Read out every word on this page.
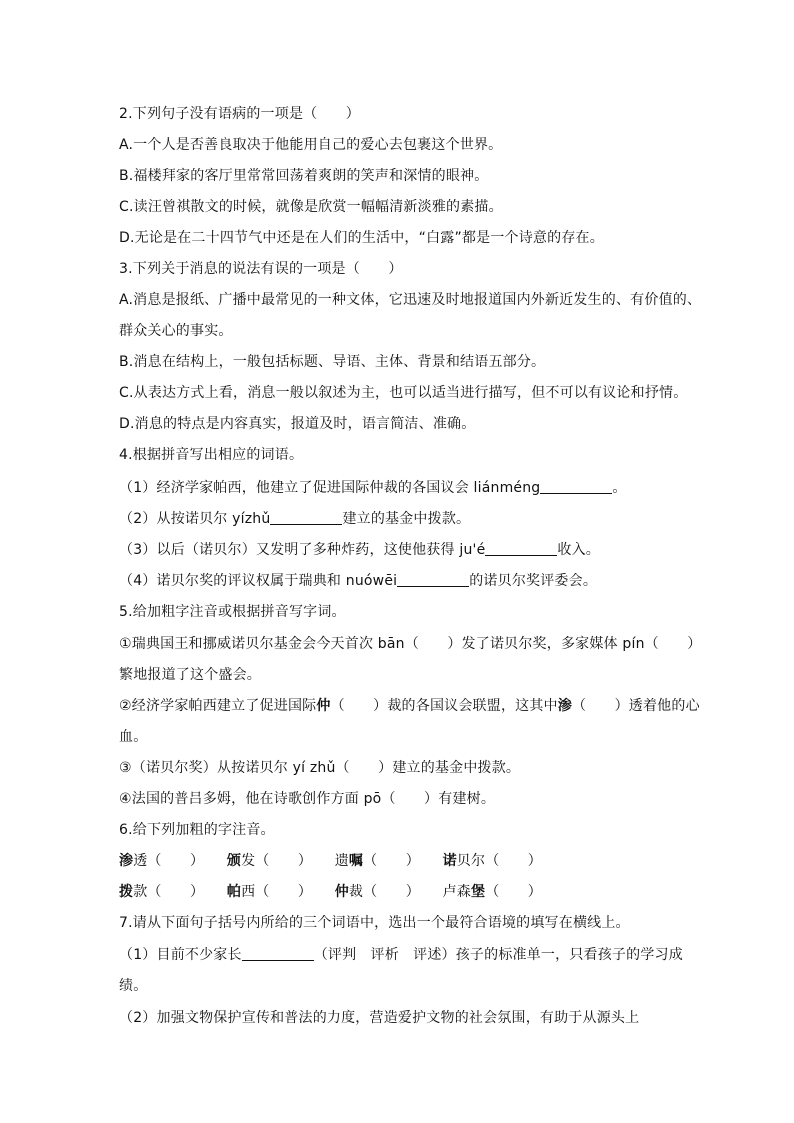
2.下列句子没有语病的一项是（　　）
A.一个人是否善良取决于他能用自己的爱心去包裹这个世界。
B.福楼拜家的客厅里常常回荡着爽朗的笑声和深情的眼神。
C.读汪曾祺散文的时候，就像是欣赏一幅幅清新淡雅的素描。
D.无论是在二十四节气中还是在人们的生活中，“白露”都是一个诗意的存在。
3.下列关于消息的说法有误的一项是（　　）
A.消息是报纸、广播中最常见的一种文体，它迅速及时地报道国内外新近发生的、有价值的、
群众关心的事实。
B.消息在结构上，一般包括标题、导语、主体、背景和结语五部分。
C.从表达方式上看，消息一般以叙述为主，也可以适当进行描写，但不可以有议论和抒情。
D.消息的特点是内容真实，报道及时，语言简洁、准确。
4.根据拼音写出相应的词语。
（1）经济学家帕西，他建立了促进国际仲裁的各国议会 liánméng	。
（2）从按诺贝尔 yízhǔ	建立的基金中拨款。
（3）以后（诺贝尔）又发明了多种炸药，这使他获得 ju'é	收入。
（4）诺贝尔奖的评议权属于瑞典和 nuówēi	的诺贝尔奖评委会。
5.给加粗字注音或根据拼音写字词。
①瑞典国王和挪威诺贝尔基金会今天首次 bān（　　）发了诺贝尔奖，多家媒体 pín（　　）
繁地报道了这个盛会。
②经济学家帕西建立了促进国际仲（　　）裁的各国议会联盟，这其中渗（　　）透着他的心
血。
③（诺贝尔奖）从按诺贝尔 yí zhǔ（　　）建立的基金中拨款。
④法国的普吕多姆，他在诗歌创作方面 pō（　　）有建树。
6.给下列加粗的字注音。
渗透（　　） 颁发（　　） 遗嘱（　　） 诺贝尔（　　）
拨款（　　） 帕西（　　） 仲裁（　　） 卢森堡（　　）
7.请从下面句子括号内所给的三个词语中，选出一个最符合语境的填写在横线上。
（1）目前不少家长	（评判　评析　评述）孩子的标准单一，只看孩子的学习成
绩。
（2）加强文物保护宣传和普法的力度，营造爱护文物的社会氛围，有助于从源头上
